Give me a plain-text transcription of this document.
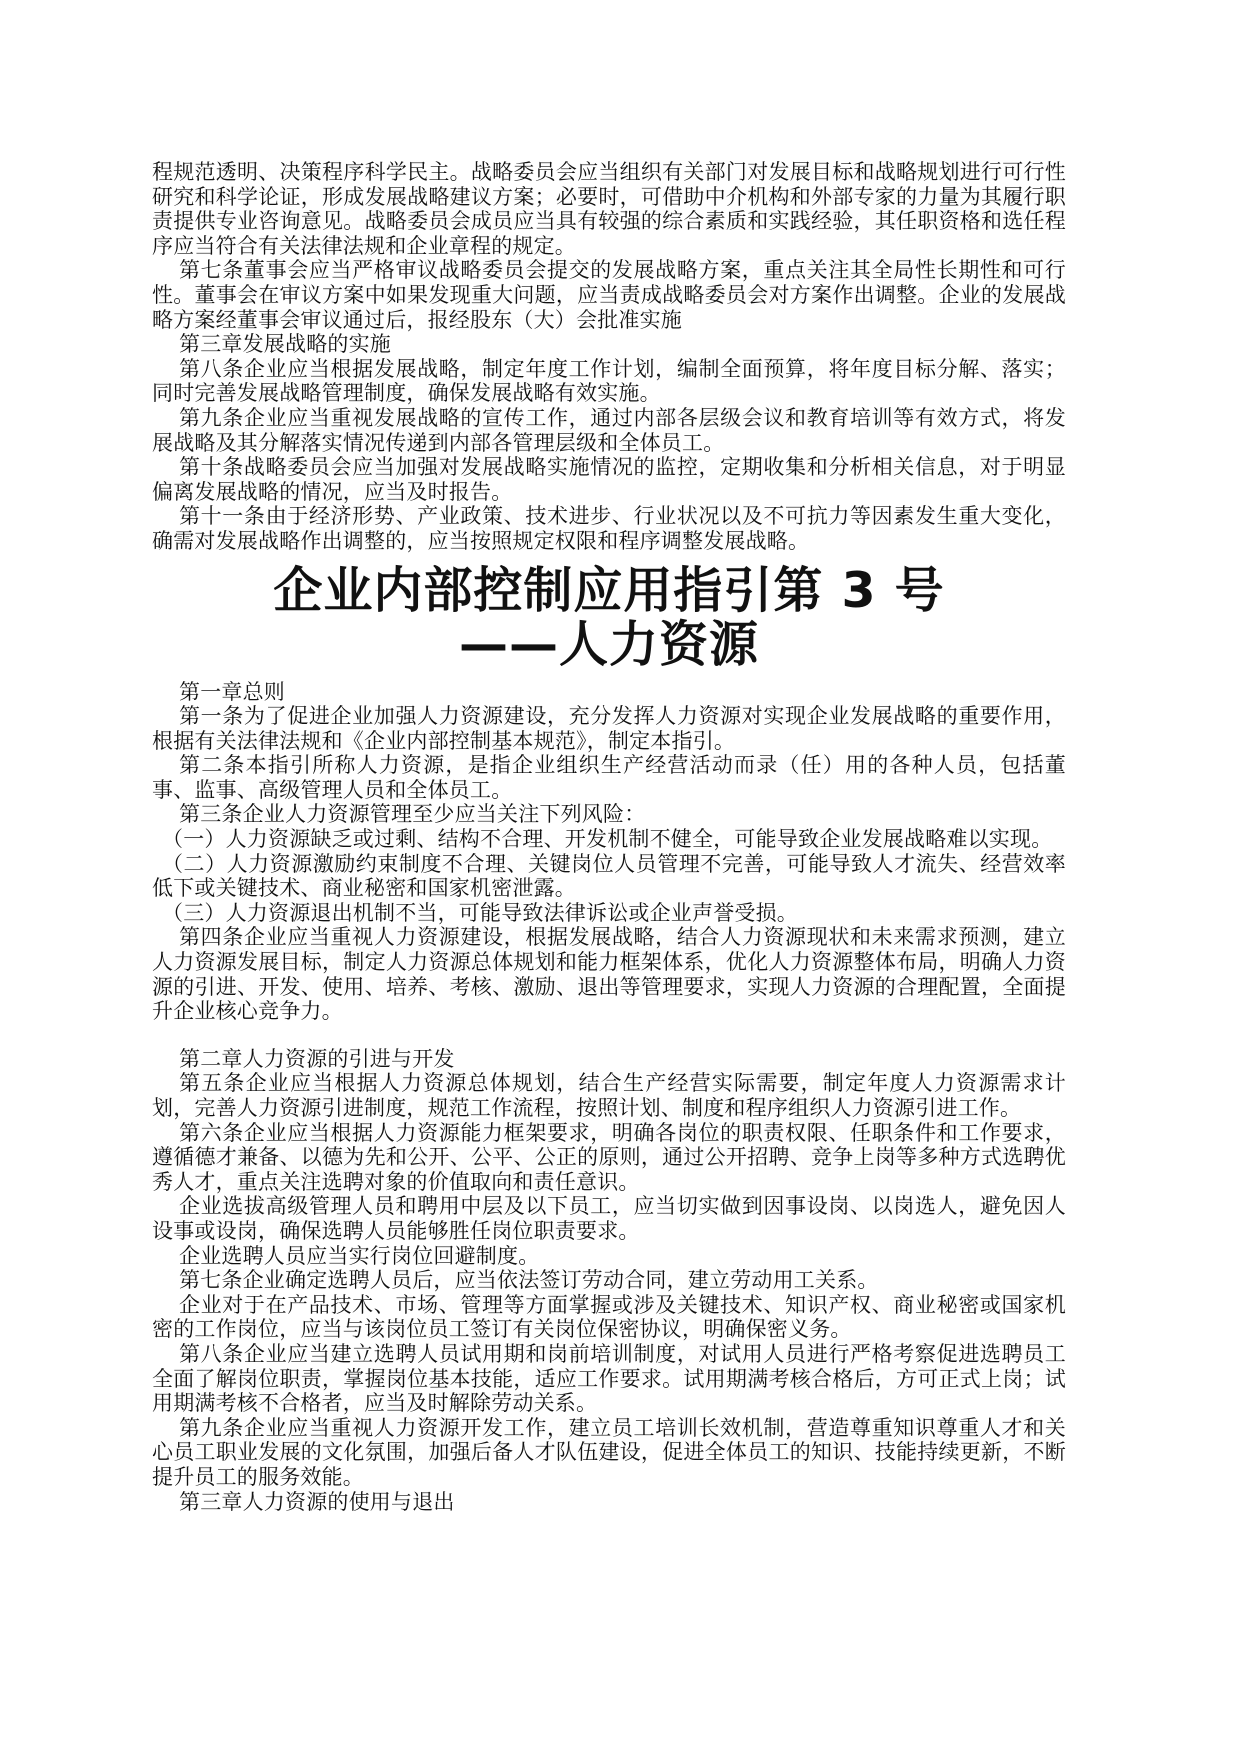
程规范透明、决策程序科学民主。战略委员会应当组织有关部门对发展目标和战略规划进行可行性研究和科学论证，形成发展战略建议方案；必要时，可借助中介机构和外部专家的力量为其履行职责提供专业咨询意见。战略委员会成员应当具有较强的综合素质和实践经验，其任职资格和选任程序应当符合有关法律法规和企业章程的规定。

第七条董事会应当严格审议战略委员会提交的发展战略方案，重点关注其全局性长期性和可行性。董事会在审议方案中如果发现重大问题，应当责成战略委员会对方案作出调整。企业的发展战略方案经董事会审议通过后，报经股东（大）会批准实施

第三章发展战略的实施

第八条企业应当根据发展战略，制定年度工作计划，编制全面预算，将年度目标分解、落实；同时完善发展战略管理制度，确保发展战略有效实施。

第九条企业应当重视发展战略的宣传工作，通过内部各层级会议和教育培训等有效方式，将发展战略及其分解落实情况传递到内部各管理层级和全体员工。

第十条战略委员会应当加强对发展战略实施情况的监控，定期收集和分析相关信息，对于明显偏离发展战略的情况，应当及时报告。

第十一条由于经济形势、产业政策、技术进步、行业状况以及不可抗力等因素发生重大变化，确需对发展战略作出调整的，应当按照规定权限和程序调整发展战略。

企业内部控制应用指引第 3 号
——人力资源

第一章总则

第一条为了促进企业加强人力资源建设，充分发挥人力资源对实现企业发展战略的重要作用，根据有关法律法规和《企业内部控制基本规范》，制定本指引。

第二条本指引所称人力资源，是指企业组织生产经营活动而录（任）用的各种人员，包括董事、监事、高级管理人员和全体员工。

第三条企业人力资源管理至少应当关注下列风险：

（一）人力资源缺乏或过剩、结构不合理、开发机制不健全，可能导致企业发展战略难以实现。

（二）人力资源激励约束制度不合理、关键岗位人员管理不完善，可能导致人才流失、经营效率低下或关键技术、商业秘密和国家机密泄露。

（三）人力资源退出机制不当，可能导致法律诉讼或企业声誉受损。

第四条企业应当重视人力资源建设，根据发展战略，结合人力资源现状和未来需求预测，建立人力资源发展目标，制定人力资源总体规划和能力框架体系，优化人力资源整体布局，明确人力资源的引进、开发、使用、培养、考核、激励、退出等管理要求，实现人力资源的合理配置，全面提升企业核心竞争力。

第二章人力资源的引进与开发

第五条企业应当根据人力资源总体规划，结合生产经营实际需要，制定年度人力资源需求计划，完善人力资源引进制度，规范工作流程，按照计划、制度和程序组织人力资源引进工作。

第六条企业应当根据人力资源能力框架要求，明确各岗位的职责权限、任职条件和工作要求，遵循德才兼备、以德为先和公开、公平、公正的原则，通过公开招聘、竞争上岗等多种方式选聘优秀人才，重点关注选聘对象的价值取向和责任意识。

企业选拔高级管理人员和聘用中层及以下员工，应当切实做到因事设岗、以岗选人，避免因人设事或设岗，确保选聘人员能够胜任岗位职责要求。

企业选聘人员应当实行岗位回避制度。

第七条企业确定选聘人员后，应当依法签订劳动合同，建立劳动用工关系。

企业对于在产品技术、市场、管理等方面掌握或涉及关键技术、知识产权、商业秘密或国家机密的工作岗位，应当与该岗位员工签订有关岗位保密协议，明确保密义务。

第八条企业应当建立选聘人员试用期和岗前培训制度，对试用人员进行严格考察促进选聘员工全面了解岗位职责，掌握岗位基本技能，适应工作要求。试用期满考核合格后，方可正式上岗；试用期满考核不合格者，应当及时解除劳动关系。

第九条企业应当重视人力资源开发工作，建立员工培训长效机制，营造尊重知识尊重人才和关心员工职业发展的文化氛围，加强后备人才队伍建设，促进全体员工的知识、技能持续更新，不断提升员工的服务效能。

第三章人力资源的使用与退出
